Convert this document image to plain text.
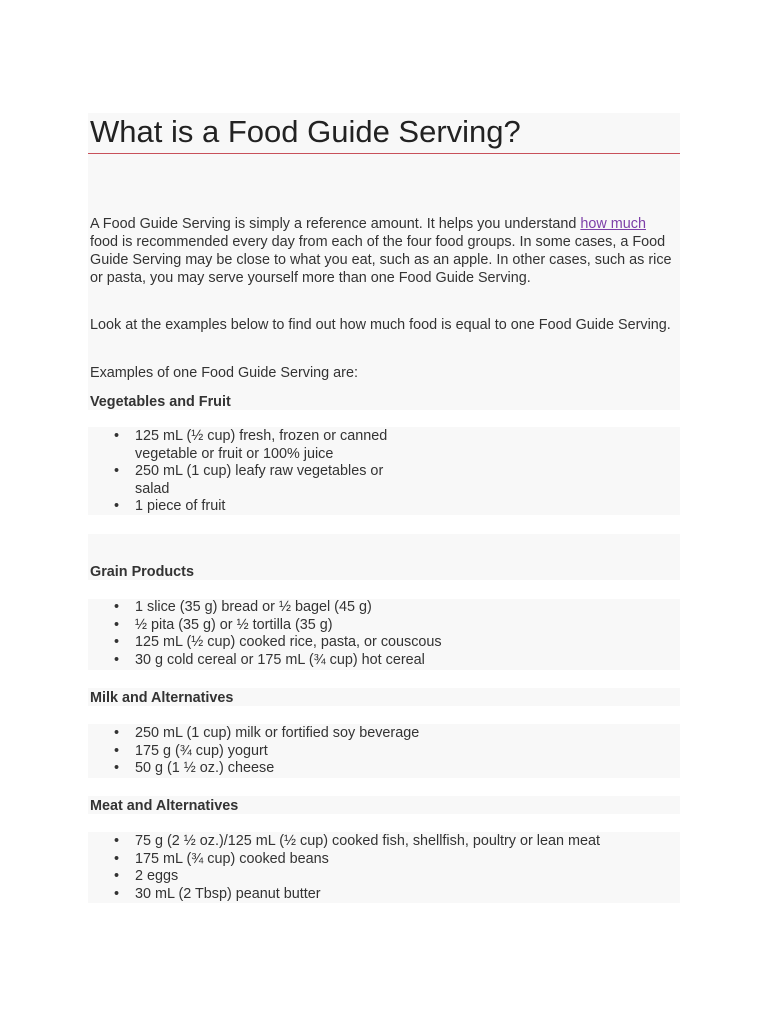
What is a Food Guide Serving?

A Food Guide Serving is simply a reference amount. It helps you understand how much food is recommended every day from each of the four food groups. In some cases, a Food Guide Serving may be close to what you eat, such as an apple. In other cases, such as rice or pasta, you may serve yourself more than one Food Guide Serving.

Look at the examples below to find out how much food is equal to one Food Guide Serving.

Examples of one Food Guide Serving are:

Vegetables and Fruit
• 125 mL (½ cup) fresh, frozen or canned vegetable or fruit or 100% juice
• 250 mL (1 cup) leafy raw vegetables or salad
• 1 piece of fruit
Grain Products
• 1 slice (35 g) bread or ½ bagel (45 g)
• ½ pita (35 g) or ½ tortilla (35 g)
• 125 mL (½ cup) cooked rice, pasta, or couscous
• 30 g cold cereal or 175 mL (¾ cup) hot cereal
Milk and Alternatives
• 250 mL (1 cup) milk or fortified soy beverage
• 175 g (¾ cup) yogurt
• 50 g (1 ½ oz.) cheese
Meat and Alternatives
• 75 g (2 ½ oz.)/125 mL (½ cup) cooked fish, shellfish, poultry or lean meat
• 175 mL (¾ cup) cooked beans
• 2 eggs
• 30 mL (2 Tbsp) peanut butter
